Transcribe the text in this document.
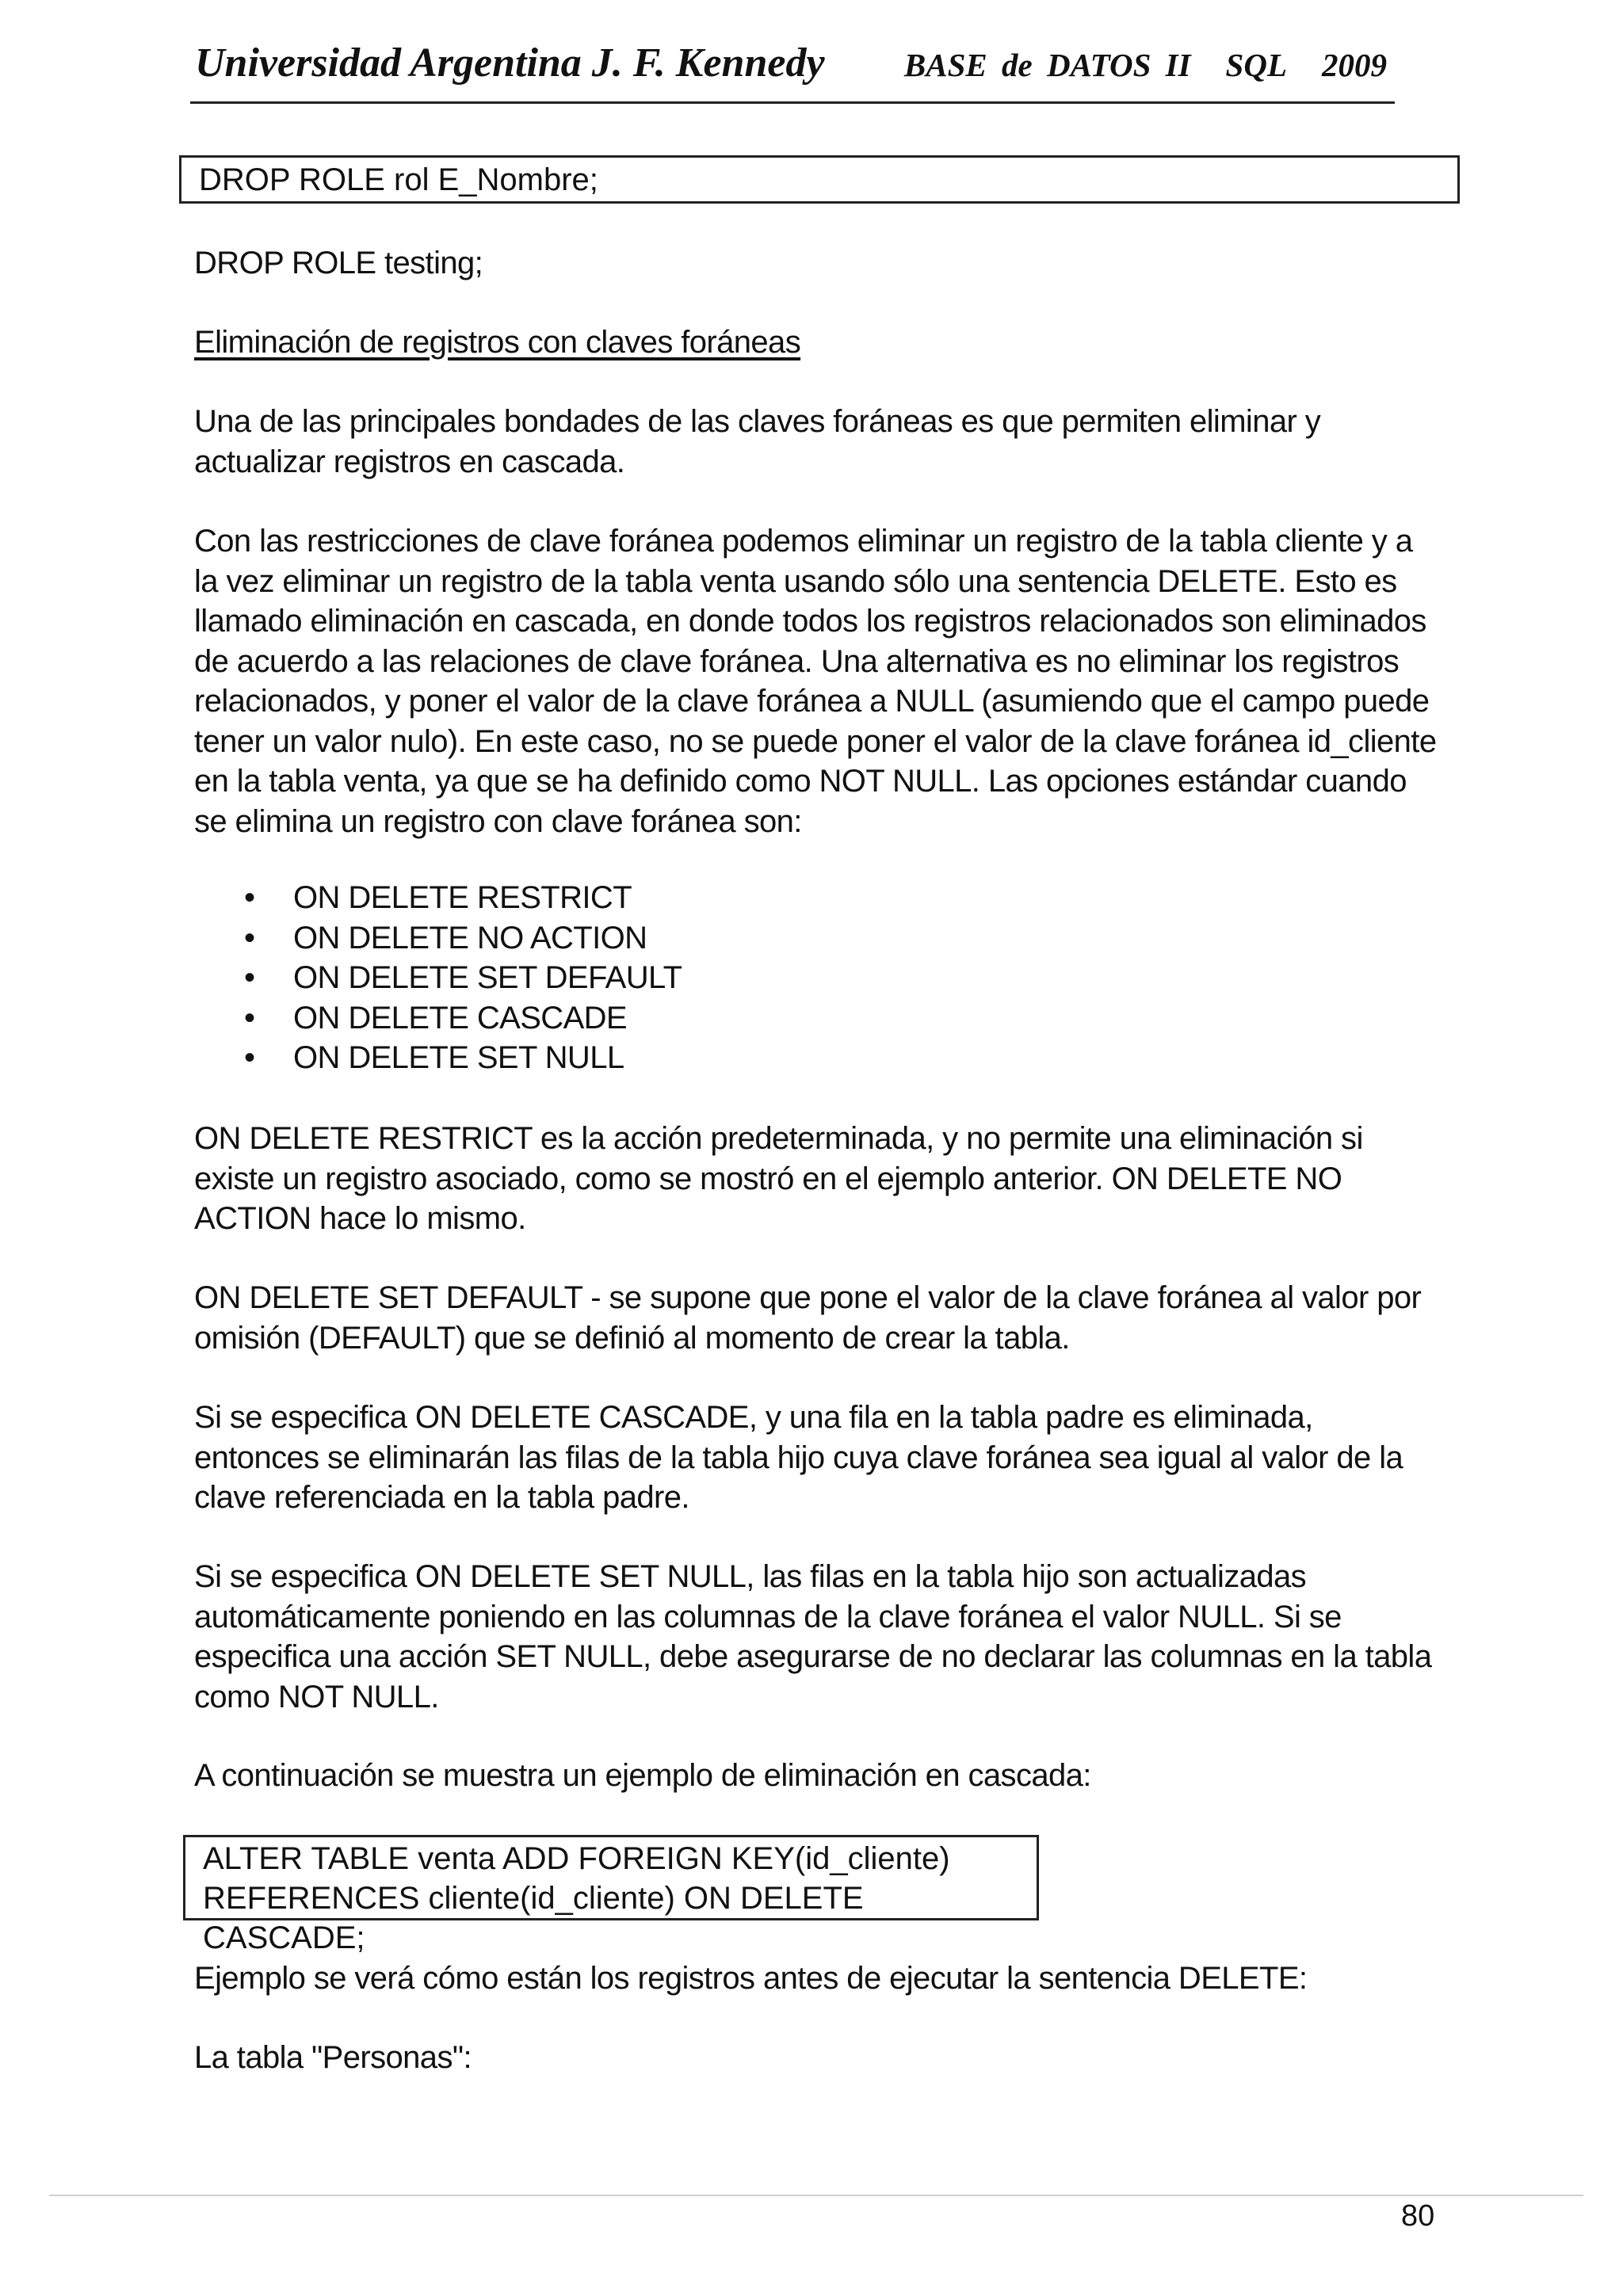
Universidad Argentina J. F. Kennedy BASE de DATOS II SQL 2009
DROP ROLE rol E_Nombre;

DROP ROLE testing;

Eliminación de registros con claves foráneas

Una de las principales bondades de las claves foráneas es que permiten eliminar y actualizar registros en cascada.

Con las restricciones de clave foránea podemos eliminar un registro de la tabla cliente y a la vez eliminar un registro de la tabla venta usando sólo una sentencia DELETE. Esto es llamado eliminación en cascada, en donde todos los registros relacionados son eliminados de acuerdo a las relaciones de clave foránea. Una alternativa es no eliminar los registros relacionados, y poner el valor de la clave foránea a NULL (asumiendo que el campo puede tener un valor nulo). En este caso, no se puede poner el valor de la clave foránea id_cliente en la tabla venta, ya que se ha definido como NOT NULL. Las opciones estándar cuando se elimina un registro con clave foránea son:

• ON DELETE RESTRICT
• ON DELETE NO ACTION
• ON DELETE SET DEFAULT
• ON DELETE CASCADE
• ON DELETE SET NULL

ON DELETE RESTRICT es la acción predeterminada, y no permite una eliminación si existe un registro asociado, como se mostró en el ejemplo anterior. ON DELETE NO ACTION hace lo mismo.

ON DELETE SET DEFAULT - se supone que pone el valor de la clave foránea al valor por omisión (DEFAULT) que se definió al momento de crear la tabla.

Si se especifica ON DELETE CASCADE, y una fila en la tabla padre es eliminada, entonces se eliminarán las filas de la tabla hijo cuya clave foránea sea igual al valor de la clave referenciada en la tabla padre.

Si se especifica ON DELETE SET NULL, las filas en la tabla hijo son actualizadas automáticamente poniendo en las columnas de la clave foránea el valor NULL. Si se especifica una acción SET NULL, debe asegurarse de no declarar las columnas en la tabla como NOT NULL.

A continuación se muestra un ejemplo de eliminación en cascada:

ALTER TABLE venta ADD FOREIGN KEY(id_cliente)
REFERENCES cliente(id_cliente) ON DELETE CASCADE;

Ejemplo se verá cómo están los registros antes de ejecutar la sentencia DELETE:

La tabla "Personas":

80
